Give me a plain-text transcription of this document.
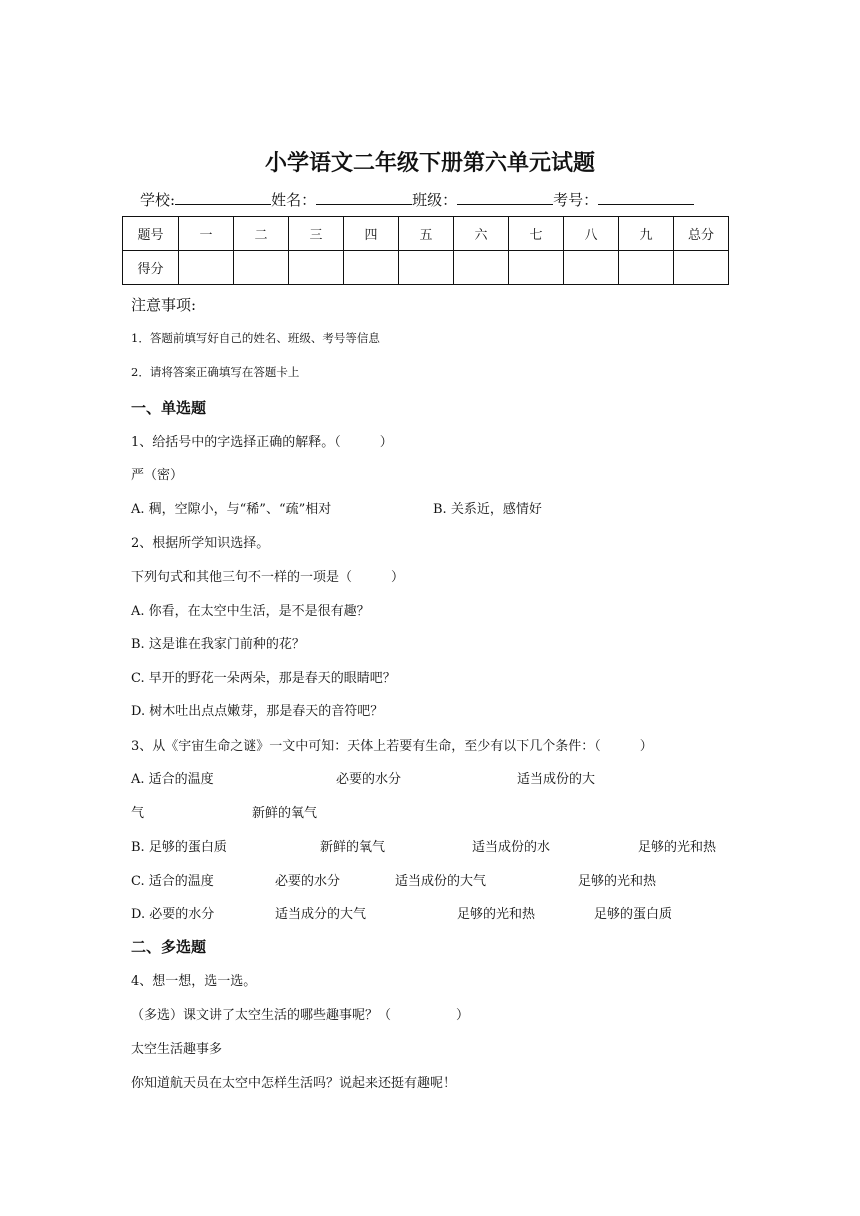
小学语文二年级下册第六单元试题
学校:	姓名：	班级：	考号：
题号	一	二	三	四	五	六	七	八	九	总分
得分										
注意事项:
1．答题前填写好自己的姓名、班级、考号等信息
2．请将答案正确填写在答题卡上
一、单选题
1、给括号中的字选择正确的解释。（　　　）
严（密）
A. 稠，空隙小，与“稀”、“疏”相对	B. 关系近，感情好
2、根据所学知识选择。
下列句式和其他三句不一样的一项是（　　　）
A. 你看，在太空中生活，是不是很有趣？
B. 这是谁在我家门前种的花？
C. 早开的野花一朵两朵，那是春天的眼睛吧？
D. 树木吐出点点嫩芽，那是春天的音符吧？
3、从《宇宙生命之谜》一文中可知：天体上若要有生命，至少有以下几个条件：（　　　）
A. 适合的温度	必要的水分	适当成份的大
气	新鲜的氧气
B. 足够的蛋白质	新鲜的氧气	适当成份的水	足够的光和热
C. 适合的温度	必要的水分	适当成份的大气	足够的光和热
D. 必要的水分	适当成分的大气	足够的光和热	足够的蛋白质
二、多选题
4、想一想，选一选。
（多选）课文讲了太空生活的哪些趣事呢？（　　　　　）
太空生活趣事多
你知道航天员在太空中怎样生活吗？说起来还挺有趣呢！
